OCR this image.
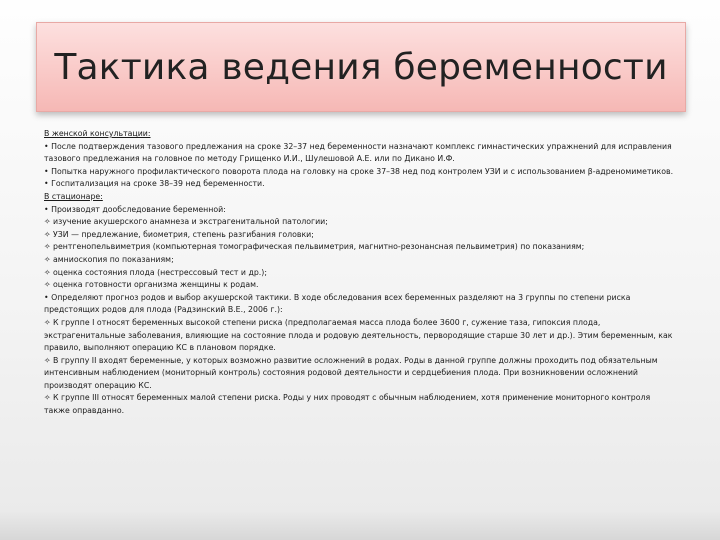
Тактика ведения беременности

В женской консультации:

• После подтверждения тазового предлежания на сроке 32–37 нед беременности назначают комплекс гимнастических упражнений для исправления тазового предлежания на головное по методу Грищенко И.И., Шулешовой А.Е. или по Дикано И.Ф.

• Попытка наружного профилактического поворота плода на головку на сроке 37–38 нед под контролем УЗИ и с использованием β-адреномиметиков.

• Госпитализация на сроке 38–39 нед беременности.

В стационаре:

• Производят дообследование беременной:

✧ изучение акушерского анамнеза и экстрагенитальной патологии;

✧ УЗИ — предлежание, биометрия, степень разгибания головки;

✧ рентгенопельвиметрия (компьютерная томографическая пельвиметрия, магнитно-резонансная пельвиметрия) по показаниям;

✧ амниоскопия по показаниям;

✧ оценка состояния плода (нестрессовый тест и др.);

✧ оценка готовности организма женщины к родам.

• Определяют прогноз родов и выбор акушерской тактики. В ходе обследования всех беременных разделяют на 3 группы по степени риска предстоящих родов для плода (Радзинский В.Е., 2006 г.):

✧ К группе I относят беременных высокой степени риска (предполагаемая масса плода более 3600 г, сужение таза, гипоксия плода, экстрагенитальные заболевания, влияющие на состояние плода и родовую деятельность, первородящие старше 30 лет и др.). Этим беременным, как правило, выполняют операцию КС в плановом порядке.

✧ В группу II входят беременные, у которых возможно развитие осложнений в родах. Роды в данной группе должны проходить под обязательным интенсивным наблюдением (мониторный контроль) состояния родовой деятельности и сердцебиения плода. При возникновении осложнений производят операцию КС.

✧ К группе III относят беременных малой степени риска. Роды у них проводят с обычным наблюдением, хотя применение мониторного контроля также оправданно.
